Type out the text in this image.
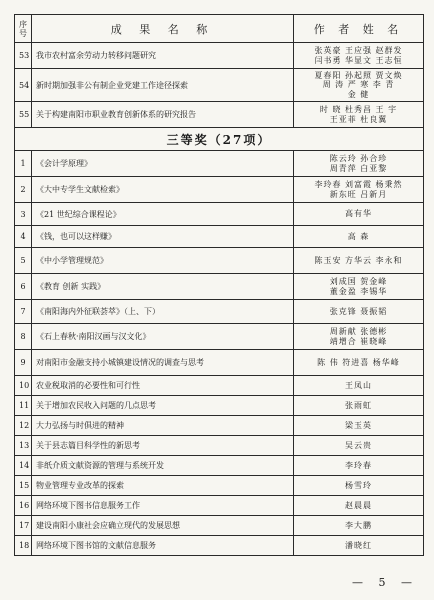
序
号	成 果 名 称	作 者 姓 名
53	我市农村富余劳动力转移问题研究	张英豪 王应强 赵群发
闫书勇 华显文 王志恒
54	新时期加强非公有制企业党建工作途径探索	夏春阳 孙起照 贾文焕
周 涛 严 寒 李 青
金 健
55	关于构建南阳市职业教育创新体系的研究报告	时 晓 杜秀昌 王 宇
王亚菲 杜良翼
三等奖（27项）		
1	《会计学原理》	陈云玲 孙合珍
周青萍 白亚黎
2	《大中专学生文献检索》	李玲春 刘富霞 杨秉然
新东旺 吕新月
3	《21 世纪综合课程论》	高有华
4	《钱，也可以这样赚》	高 森
5	《中小学管理规范》	陈玉安 方华云 李永和
6	《教育 创新 实践》	刘成国 贺金峰
董金盈 李锡华
7	《南阳海内外征联荟萃》（上、下）	张克锋 聂振韬
8	《石上春秋·南阳汉画与汉文化》	周新献 张德彬
靖增合 崔晓峰
9	对南阳市金融支持小城镇建设情况的调查与思考	陈 伟 符进喜 杨华峰
10	农业税取消的必要性和可行性	王凤山
11	关于增加农民收入问题的几点思考	张雨虹
12	大力弘扬与时俱进的精神	梁玉英
13	关于县志篇目科学性的新思考	吴云贵
14	非纸介质文献资源的管理与系统开发	李玲春
15	物业管理专业改革的探索	杨雪玲
16	网络环境下图书信息服务工作	赵晨晨
17	建设南阳小康社会应确立现代的发展思想	李大鹏
18	网络环境下图书馆的文献信息服务	潘晓红
— 5 —
